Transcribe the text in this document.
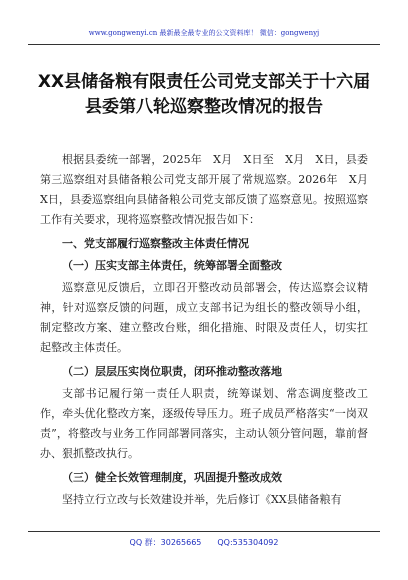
www.gongwenyi.cn 最新最全最专业的公文资料库！ 微信：gongwenyj
XX县储备粮有限责任公司党支部关于十六届县委第八轮巡察整改情况的报告

根据县委统一部署，2025年　X月　X日至　X月　X日，县委第三巡察组对县储备粮公司党支部开展了常规巡察。2026年　X月　X日，县委巡察组向县储备粮公司党支部反馈了巡察意见。按照巡察工作有关要求，现将巡察整改情况报告如下：

一、党支部履行巡察整改主体责任情况

（一）压实支部主体责任，统筹部署全面整改

巡察意见反馈后，立即召开整改动员部署会，传达巡察会议精神，针对巡察反馈的问题，成立支部书记为组长的整改领导小组，制定整改方案、建立整改台账，细化措施、时限及责任人，切实扛起整改主体责任。

（二）层层压实岗位职责，闭环推动整改落地

支部书记履行第一责任人职责，统筹谋划、常态调度整改工作，牵头优化整改方案，逐级传导压力。班子成员严格落实“一岗双责”，将整改与业务工作同部署同落实，主动认领分管问题，靠前督办、狠抓整改执行。

（三）健全长效管理制度，巩固提升整改成效

坚持立行立改与长效建设并举，先后修订《XX县储备粮有

QQ 群：30265665　　QQ:535304092
